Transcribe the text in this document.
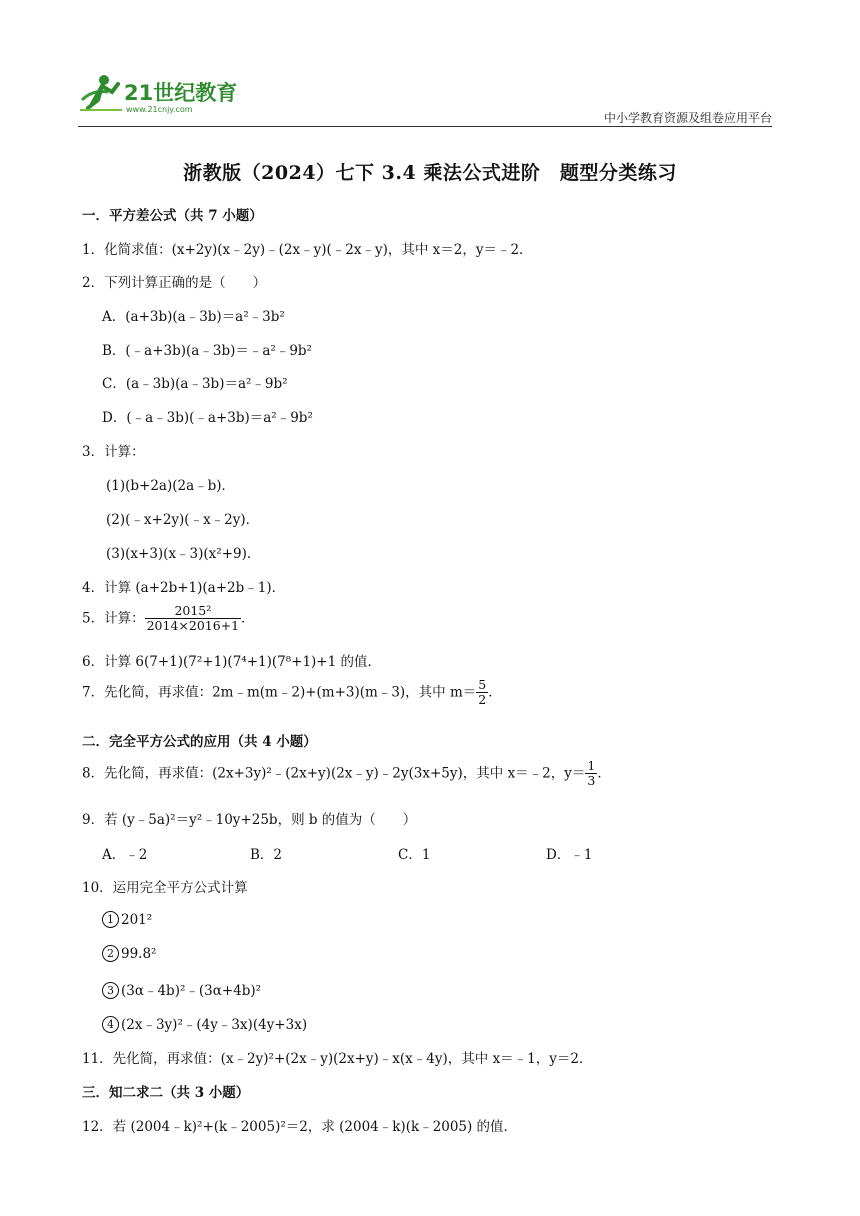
21世纪教育
www.21cnjy.com
中小学教育资源及组卷应用平台
浙教版（2024）七下 3.4 乘法公式进阶　题型分类练习
一．平方差公式（共 7 小题）
1．化简求值：(x+2y)(x﹣2y)﹣(2x﹣y)(﹣2x﹣y)，其中 x＝2，y＝﹣2．
2．下列计算正确的是（　　）
A．(a+3b)(a﹣3b)＝a²﹣3b²
B．(﹣a+3b)(a﹣3b)＝﹣a²﹣9b²
C．(a﹣3b)(a﹣3b)＝a²﹣9b²
D．(﹣a﹣3b)(﹣a+3b)＝a²﹣9b²
3．计算：
(1)(b+2a)(2a﹣b)．
(2)(﹣x+2y)(﹣x﹣2y)．
(3)(x+3)(x﹣3)(x²+9)．
4．计算 (a+2b+1)(a+2b﹣1)．
5．计算： $\frac{\text{2015²}}{2014\times 2016+1}$ ．
6．计算 6(7+1)(7²+1)(7⁴+1)(7⁸+1)+1 的值．
7．先化简，再求值：2m﹣m(m﹣2)+(m+3)(m﹣3)，其中 $m= \frac{5}{2}$ ．
二．完全平方公式的应用（共 4 小题）
8．先化简，再求值：(2x+3y)²﹣(2x+y)(2x﹣y)﹣2y(3x+5y)，其中 x＝﹣2，$y= \frac{1}{3}$ ．
9．若 (y﹣5a)²＝y²﹣10y+25b，则 b 的值为（　　）
A．﹣2	B．2	C．1	D．﹣1
10．运用完全平方公式计算
1 201²
2 99.8²
3 (3α﹣4b)²﹣(3α+4b)²
4 (2x﹣3y)²﹣(4y﹣3x)(4y+3x)
11．先化简，再求值：(x﹣2y)²+(2x﹣y)(2x+y)﹣x(x﹣4y)，其中 x＝﹣1，y＝2．
三．知二求二（共 3 小题）
12．若 (2004﹣k)²+(k﹣2005)²＝2，求 (2004﹣k)(k﹣2005) 的值．
